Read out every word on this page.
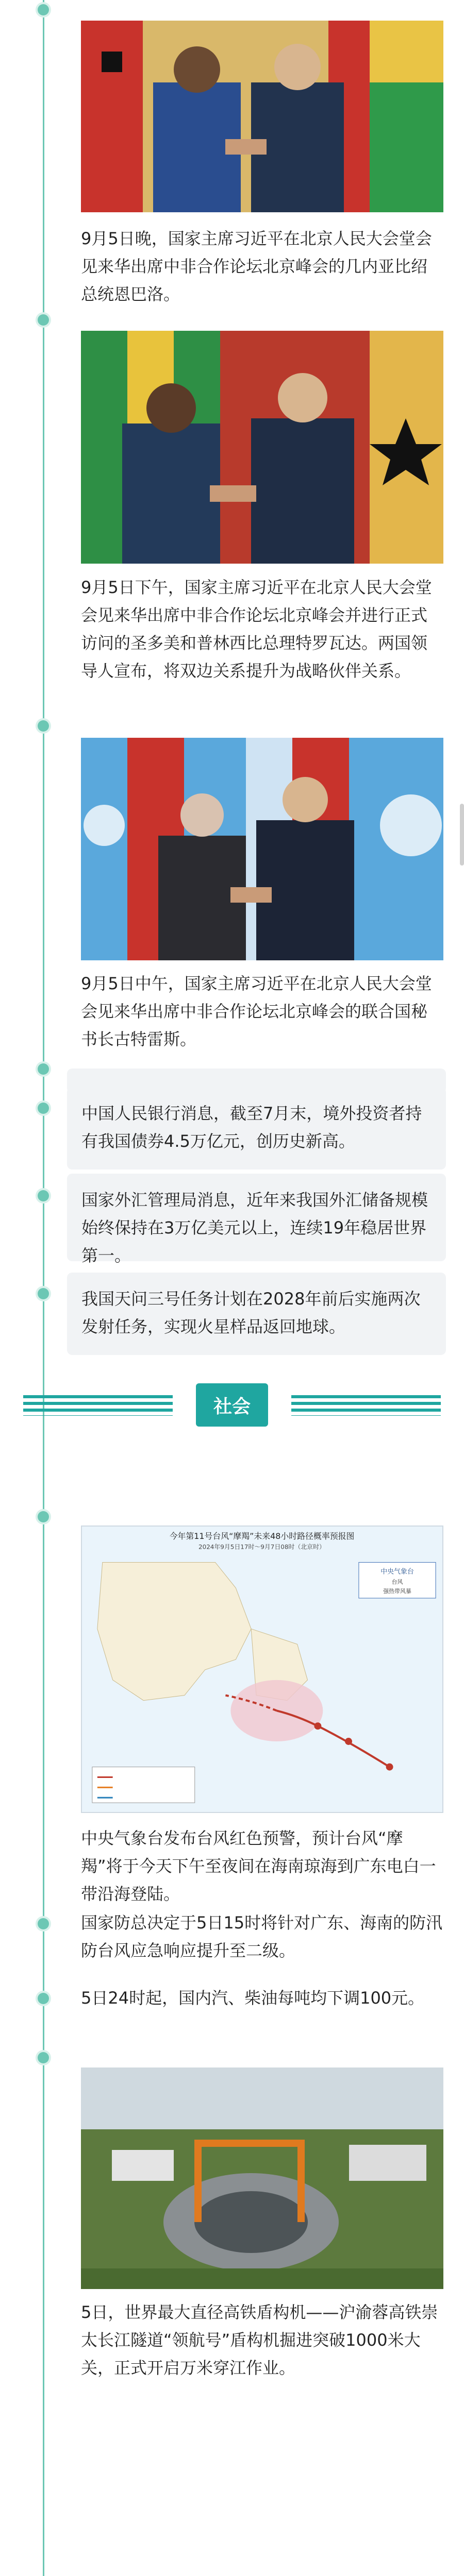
9月5日晚，国家主席习近平在北京人民大会堂会见来华出席中非合作论坛北京峰会的几内亚比绍总统恩巴洛。

9月5日下午，国家主席习近平在北京人民大会堂会见来华出席中非合作论坛北京峰会并进行正式访问的圣多美和普林西比总理特罗瓦达。两国领导人宣布，将双边关系提升为战略伙伴关系。

9月5日中午，国家主席习近平在北京人民大会堂会见来华出席中非合作论坛北京峰会的联合国秘书长古特雷斯。

社会
今年第11号台风“摩羯”未来48小时路径概率预报图
2024年9月5日17时～9月7日08时（北京时）
中央气象台
台风
强热带风暴

中央气象台发布台风红色预警，预计台风“摩羯”将于今天下午至夜间在海南琼海到广东电白一带沿海登陆。

国家防总决定于5日15时将针对广东、海南的防汛防台风应急响应提升至二级。

5日24时起，国内汽、柴油每吨均下调100元。

5日，世界最大直径高铁盾构机——沪渝蓉高铁崇太长江隧道“领航号”盾构机掘进突破1000米大关，正式开启万米穿江作业。

中国人民银行消息，截至7月末，境外投资者持有我国债券4.5万亿元，创历史新高。

国家外汇管理局消息，近年来我国外汇储备规模始终保持在3万亿美元以上，连续19年稳居世界第一。

我国天问三号任务计划在2028年前后实施两次发射任务，实现火星样品返回地球。
